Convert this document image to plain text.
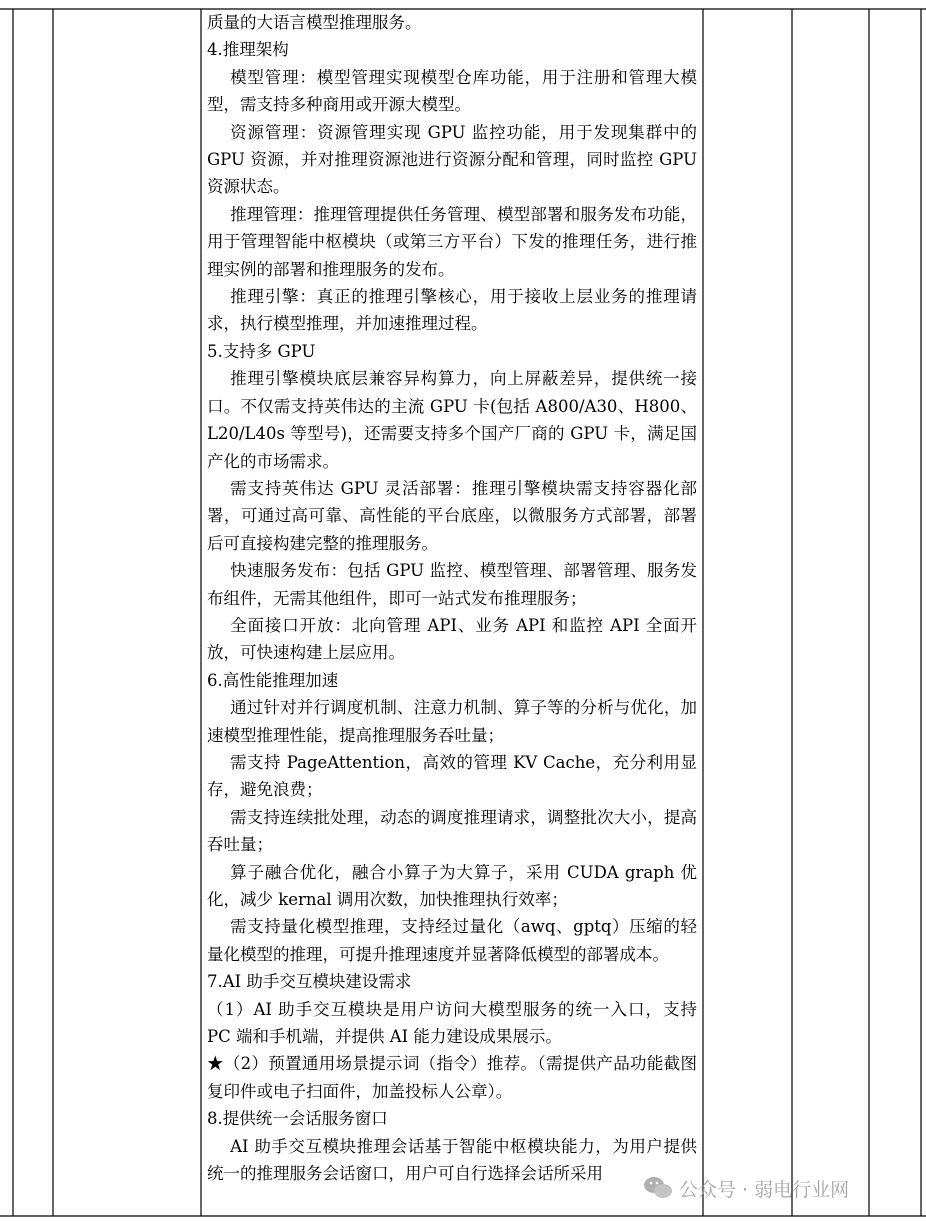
质量的大语言模型推理服务。

4.推理架构

模型管理：模型管理实现模型仓库功能，用于注册和管理大模型，需支持多种商用或开源大模型。

资源管理：资源管理实现 GPU 监控功能，用于发现集群中的 GPU 资源，并对推理资源池进行资源分配和管理，同时监控 GPU 资源状态。

推理管理：推理管理提供任务管理、模型部署和服务发布功能，用于管理智能中枢模块（或第三方平台）下发的推理任务，进行推理实例的部署和推理服务的发布。

推理引擎：真正的推理引擎核心，用于接收上层业务的推理请求，执行模型推理，并加速推理过程。

5.支持多 GPU

推理引擎模块底层兼容异构算力，向上屏蔽差异，提供统一接口。不仅需支持英伟达的主流 GPU 卡(包括 A800/A30、H800、L20/L40s 等型号)，还需要支持多个国产厂商的 GPU 卡，满足国产化的市场需求。

需支持英伟达 GPU 灵活部署：推理引擎模块需支持容器化部署，可通过高可靠、高性能的平台底座，以微服务方式部署，部署后可直接构建完整的推理服务。

快速服务发布：包括 GPU 监控、模型管理、部署管理、服务发布组件，无需其他组件，即可一站式发布推理服务；

全面接口开放：北向管理 API、业务 API 和监控 API 全面开放，可快速构建上层应用。

6.高性能推理加速

通过针对并行调度机制、注意力机制、算子等的分析与优化，加速模型推理性能，提高推理服务吞吐量；

需支持 PageAttention，高效的管理 KV Cache，充分利用显存，避免浪费；

需支持连续批处理，动态的调度推理请求，调整批次大小，提高吞吐量；

算子融合优化，融合小算子为大算子，采用 CUDA graph 优化，减少 kernal 调用次数，加快推理执行效率；

需支持量化模型推理，支持经过量化（awq、gptq）压缩的轻量化模型的推理，可提升推理速度并显著降低模型的部署成本。

7.AI 助手交互模块建设需求

（1）AI 助手交互模块是用户访问大模型服务的统一入口，支持 PC 端和手机端，并提供 AI 能力建设成果展示。

★（2）预置通用场景提示词（指令）推荐。（需提供产品功能截图复印件或电子扫面件，加盖投标人公章）。

8.提供统一会话服务窗口

AI 助手交互模块推理会话基于智能中枢模块能力，为用户提供统一的推理服务会话窗口，用户可自行选择会话所采用

公众号 · 弱电行业网
